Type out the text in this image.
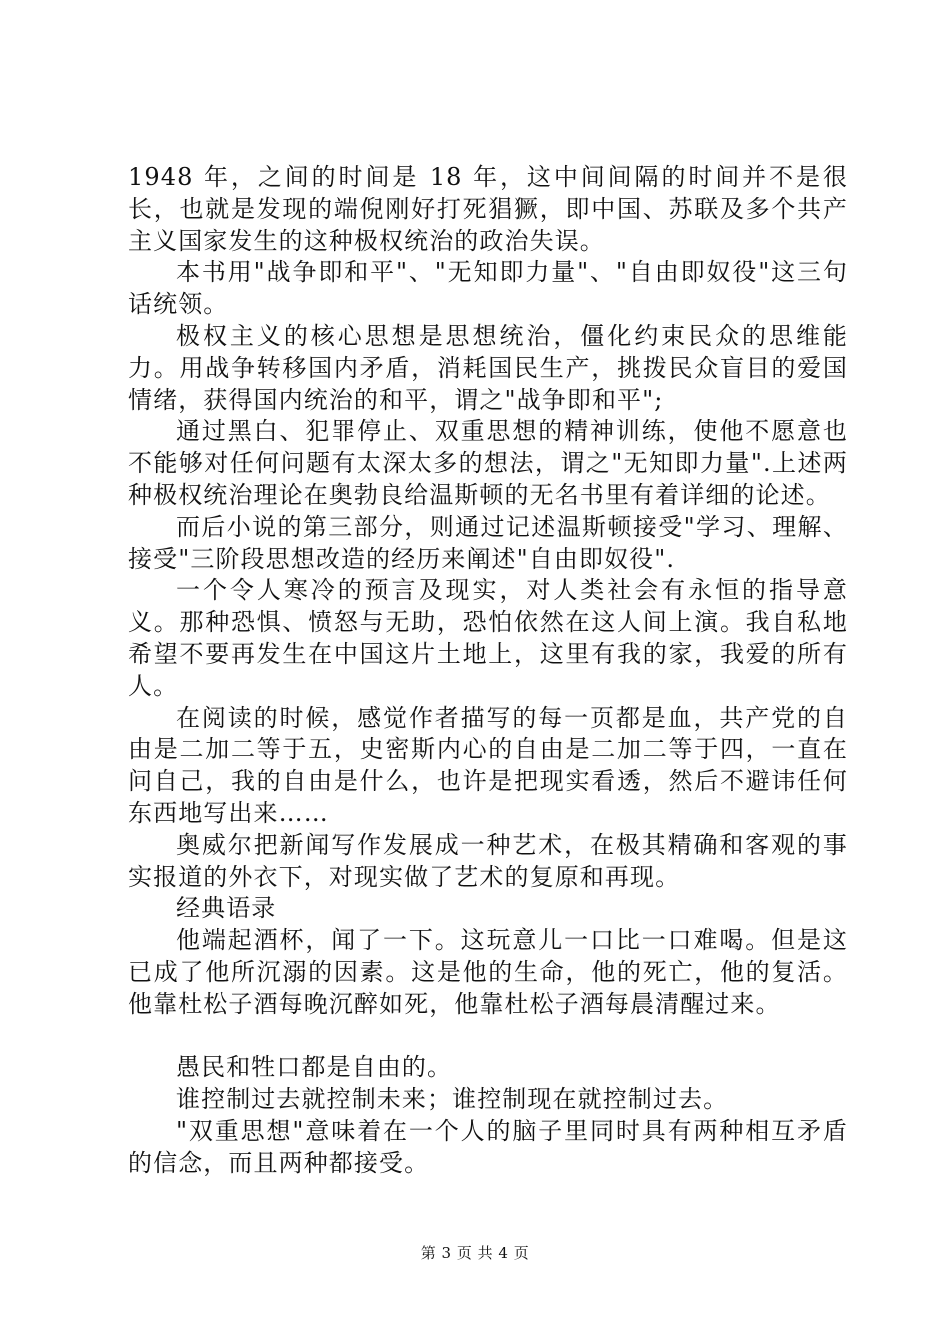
1948 年，之间的时间是 18 年，这中间间隔的时间并不是很长，也就是发现的端倪刚好打死猖獗，即中国、苏联及多个共产主义国家发生的这种极权统治的政治失误。

本书用"战争即和平"、"无知即力量"、"自由即奴役"这三句话统领。

极权主义的核心思想是思想统治，僵化约束民众的思维能力。用战争转移国内矛盾，消耗国民生产，挑拨民众盲目的爱国情绪，获得国内统治的和平，谓之"战争即和平";

通过黑白、犯罪停止、双重思想的精神训练，使他不愿意也不能够对任何问题有太深太多的想法，谓之"无知即力量".上述两种极权统治理论在奥勃良给温斯顿的无名书里有着详细的论述。

而后小说的第三部分，则通过记述温斯顿接受"学习、理解、接受"三阶段思想改造的经历来阐述"自由即奴役".

一个令人寒冷的预言及现实，对人类社会有永恒的指导意义。那种恐惧、愤怒与无助，恐怕依然在这人间上演。我自私地希望不要再发生在中国这片土地上，这里有我的家，我爱的所有人。

在阅读的时候，感觉作者描写的每一页都是血，共产党的自由是二加二等于五，史密斯内心的自由是二加二等于四，一直在问自己，我的自由是什么，也许是把现实看透，然后不避讳任何东西地写出来……

奥威尔把新闻写作发展成一种艺术，在极其精确和客观的事实报道的外衣下，对现实做了艺术的复原和再现。

经典语录

他端起酒杯，闻了一下。这玩意儿一口比一口难喝。但是这已成了他所沉溺的因素。这是他的生命，他的死亡，他的复活。他靠杜松子酒每晚沉醉如死，他靠杜松子酒每晨清醒过来。

愚民和牲口都是自由的。

谁控制过去就控制未来；谁控制现在就控制过去。

"双重思想"意味着在一个人的脑子里同时具有两种相互矛盾的信念，而且两种都接受。

第 3 页 共 4 页
